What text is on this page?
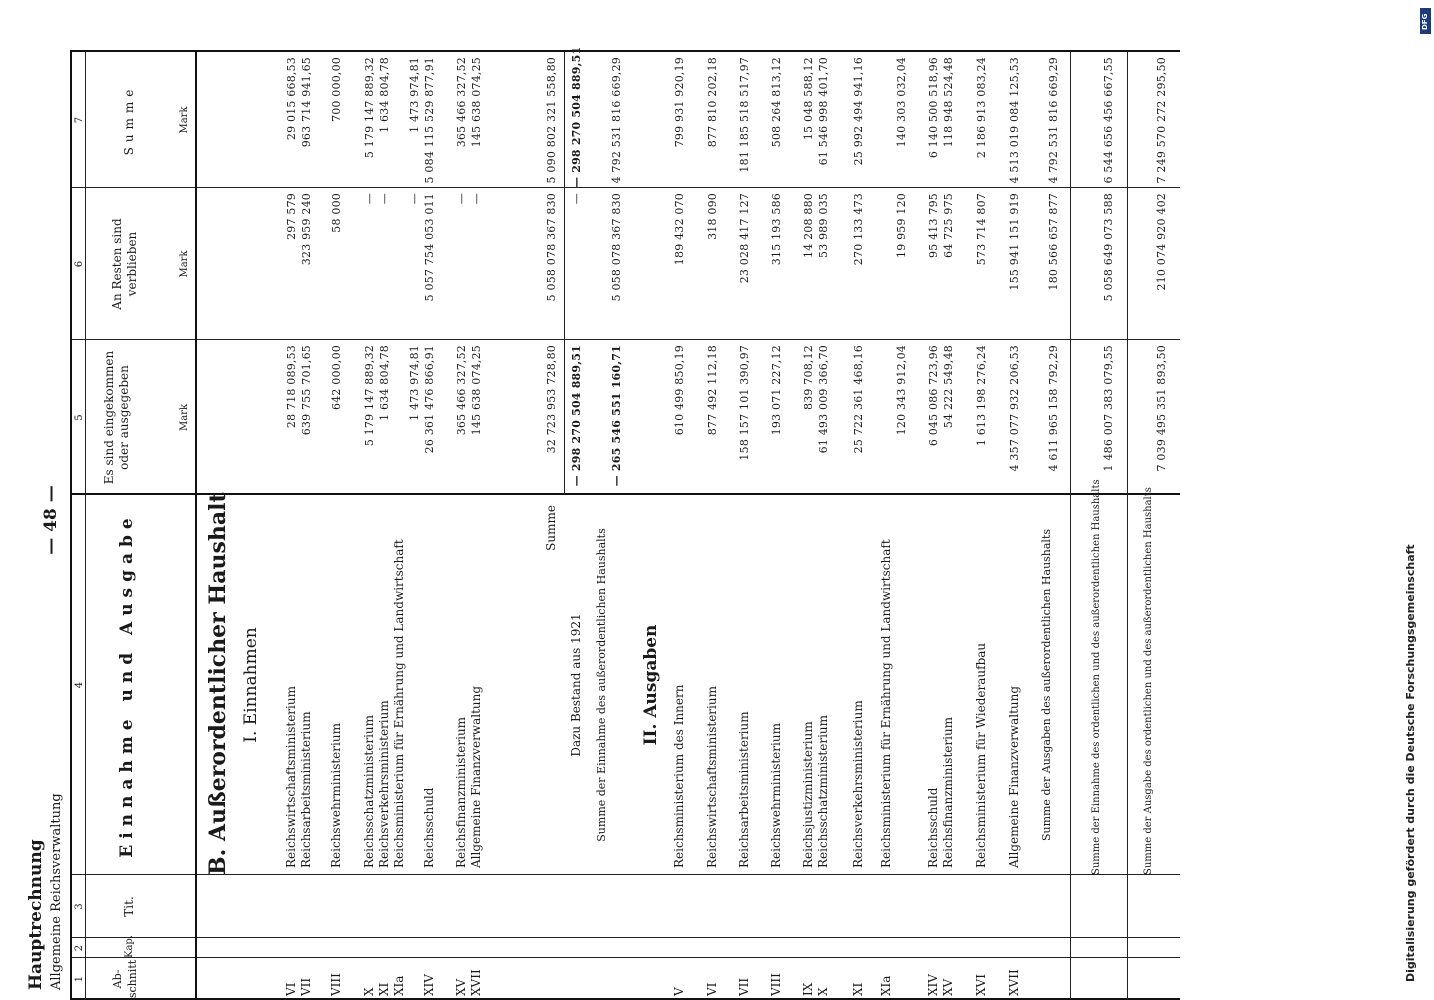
Hauptrechnung Allgemeine Reichsverwaltung
— 48 —
1
2
3
4
5
6
7
Ab-schnitt
Kap.
Tit.
Einnahme und Ausgabe
Es sind eingekommen oder ausgegeben
An Resten sind verblieben
Summe
Mark
Mark
Mark
B. Außerordentlicher Haushalt I. Einnahmen
VI
Reichswirtschaftsministerium
28 718 089,53
297 579
29 015 668,53
VII
Reichsarbeitsministerium
639 755 701,65
323 959 240
963 714 941,65
VIII
Reichswehrministerium
642 000,00
58 000
700 000,00
X
Reichsschatzministerium
5 179 147 889,32
—
5 179 147 889,32
XI
Reichsverkehrsministerium
1 634 804,78
—
1 634 804,78
XIa
Reichsministerium für Ernährung und Landwirtschaft
1 473 974,81
—
1 473 974,81
XIV
Reichsschuld
26 361 476 866,91
5 057 754 053 011
5 084 115 529 877,91
XV
Reichsfinanzministerium
365 466 327,52
—
365 466 327,52
XVII
Allgemeine Finanzverwaltung
145 638 074,25
—
145 638 074,25
Summe
32 723 953 728,80
5 058 078 367 830
5 090 802 321 558,80
Dazu Bestand aus 1921
— 298 270 504 889,51
—
— 298 270 504 889,51
Summe der Einnahme des außerordentlichen Haushalts
— 265 546 551 160,71
5 058 078 367 830
4 792 531 816 669,29
II. Ausgaben
V
Reichsministerium des Innern
610 499 850,19
189 432 070
799 931 920,19
VI
Reichswirtschaftsministerium
877 492 112,18
318 090
877 810 202,18
VII
Reichsarbeitsministerium
158 157 101 390,97
23 028 417 127
181 185 518 517,97
VIII
Reichswehrministerium
193 071 227,12
315 193 586
508 264 813,12
IX
Reichsjustizministerium
839 708,12
14 208 880
15 048 588,12
X
Reichsschatzministerium
61 493 009 366,70
53 989 035
61 546 998 401,70
XI
Reichsverkehrsministerium
25 722 361 468,16
270 133 473
25 992 494 941,16
XIa
Reichsministerium für Ernährung und Landwirtschaft
120 343 912,04
19 959 120
140 303 032,04
XIV
Reichsschuld
6 045 086 723,96
95 413 795
6 140 500 518,96
XV
Reichsfinanzministerium
54 222 549,48
64 725 975
118 948 524,48
XVI
Reichsministerium für Wiederaufbau
1 613 198 276,24
573 714 807
2 186 913 083,24
XVII
Allgemeine Finanzverwaltung
4 357 077 932 206,53
155 941 151 919
4 513 019 084 125,53
Summe der Ausgaben des außerordentlichen Haushalts
4 611 965 158 792,29
180 566 657 877
4 792 531 816 669,29
Summe der Einnahme des ordentlichen und des außerordentlichen Haushalts
1 486 007 383 079,55
5 058 649 073 588
6 544 656 456 667,55
Summe der Ausgabe des ordentlichen und des außerordentlichen Haushalts
7 039 495 351 893,50
210 074 920 402
7 249 570 272 295,50
Digitalisierung gefördert durch die Deutsche Forschungsgemeinschaft
DFG
